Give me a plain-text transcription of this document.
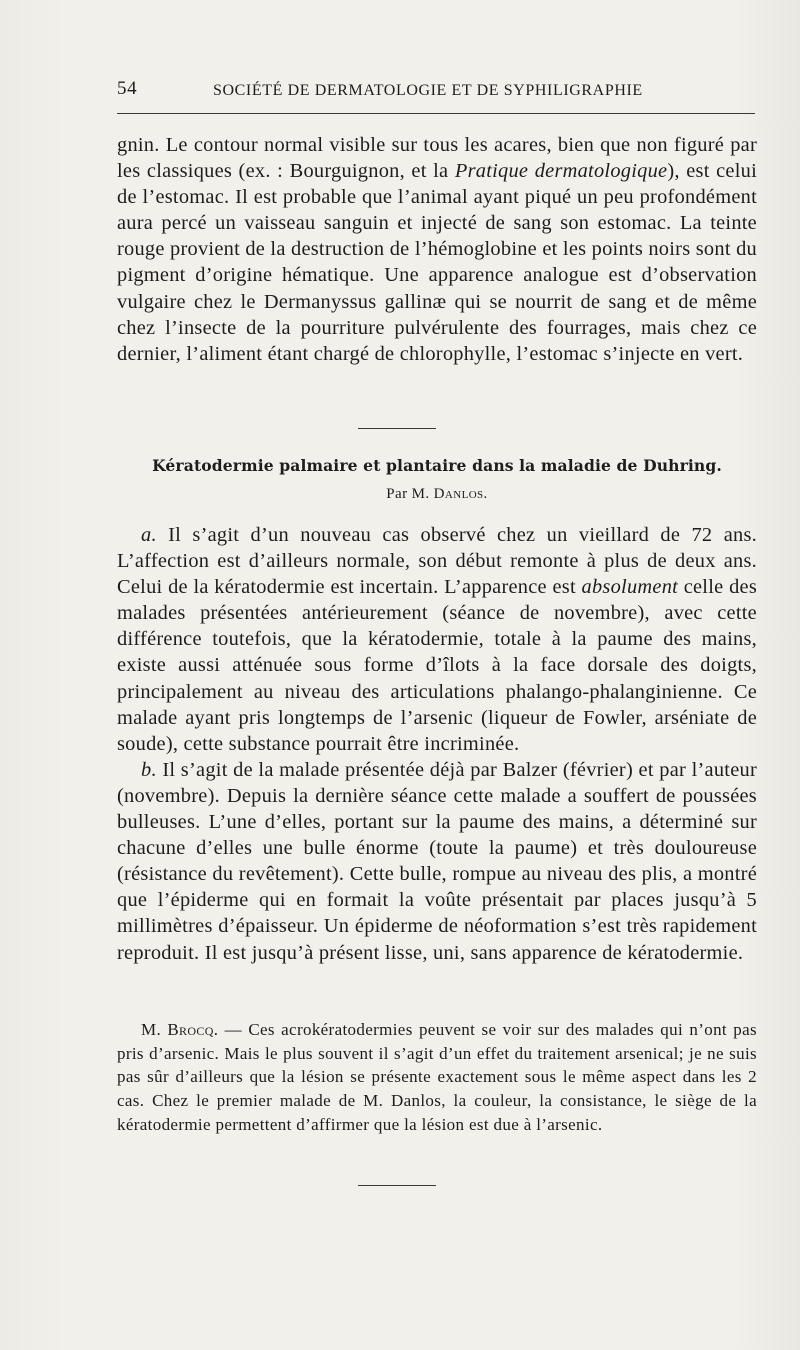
54	SOCIÉTÉ DE DERMATOLOGIE ET DE SYPHILIGRAPHIE

gnin. Le contour normal visible sur tous les acares, bien que non figuré par les classiques (ex. : Bourguignon, et la Pratique dermatologique), est celui de l’estomac. Il est probable que l’animal ayant piqué un peu profondément aura percé un vaisseau sanguin et injecté de sang son estomac. La teinte rouge provient de la destruction de l’hémoglobine et les points noirs sont du pigment d’origine hématique. Une apparence analogue est d’observation vulgaire chez le Dermanyssus gallinæ qui se nourrit de sang et de même chez l’insecte de la pourriture pulvérulente des fourrages, mais chez ce dernier, l’aliment étant chargé de chlorophylle, l’estomac s’injecte en vert.

Kératodermie palmaire et plantaire dans la maladie de Duhring.
Par M. Danlos.

a. Il s’agit d’un nouveau cas observé chez un vieillard de 72 ans. L’affection est d’ailleurs normale, son début remonte à plus de deux ans. Celui de la kératodermie est incertain. L’apparence est absolument celle des malades présentées antérieurement (séance de novembre), avec cette différence toutefois, que la kératodermie, totale à la paume des mains, existe aussi atténuée sous forme d’îlots à la face dorsale des doigts, principalement au niveau des articulations phalango-phalanginienne. Ce malade ayant pris longtemps de l’arsenic (liqueur de Fowler, arséniate de soude), cette substance pourrait être incriminée.

b. Il s’agit de la malade présentée déjà par Balzer (février) et par l’auteur (novembre). Depuis la dernière séance cette malade a souffert de poussées bulleuses. L’une d’elles, portant sur la paume des mains, a déterminé sur chacune d’elles une bulle énorme (toute la paume) et très douloureuse (résistance du revêtement). Cette bulle, rompue au niveau des plis, a montré que l’épiderme qui en formait la voûte présentait par places jusqu’à 5 millimètres d’épaisseur. Un épiderme de néoformation s’est très rapidement reproduit. Il est jusqu’à présent lisse, uni, sans apparence de kératodermie.

M. Brocq. — Ces acrokératodermies peuvent se voir sur des malades qui n’ont pas pris d’arsenic. Mais le plus souvent il s’agit d’un effet du traitement arsenical; je ne suis pas sûr d’ailleurs que la lésion se présente exactement sous le même aspect dans les 2 cas. Chez le premier malade de M. Danlos, la couleur, la consistance, le siège de la kératodermie permettent d’affirmer que la lésion est due à l’arsenic.
